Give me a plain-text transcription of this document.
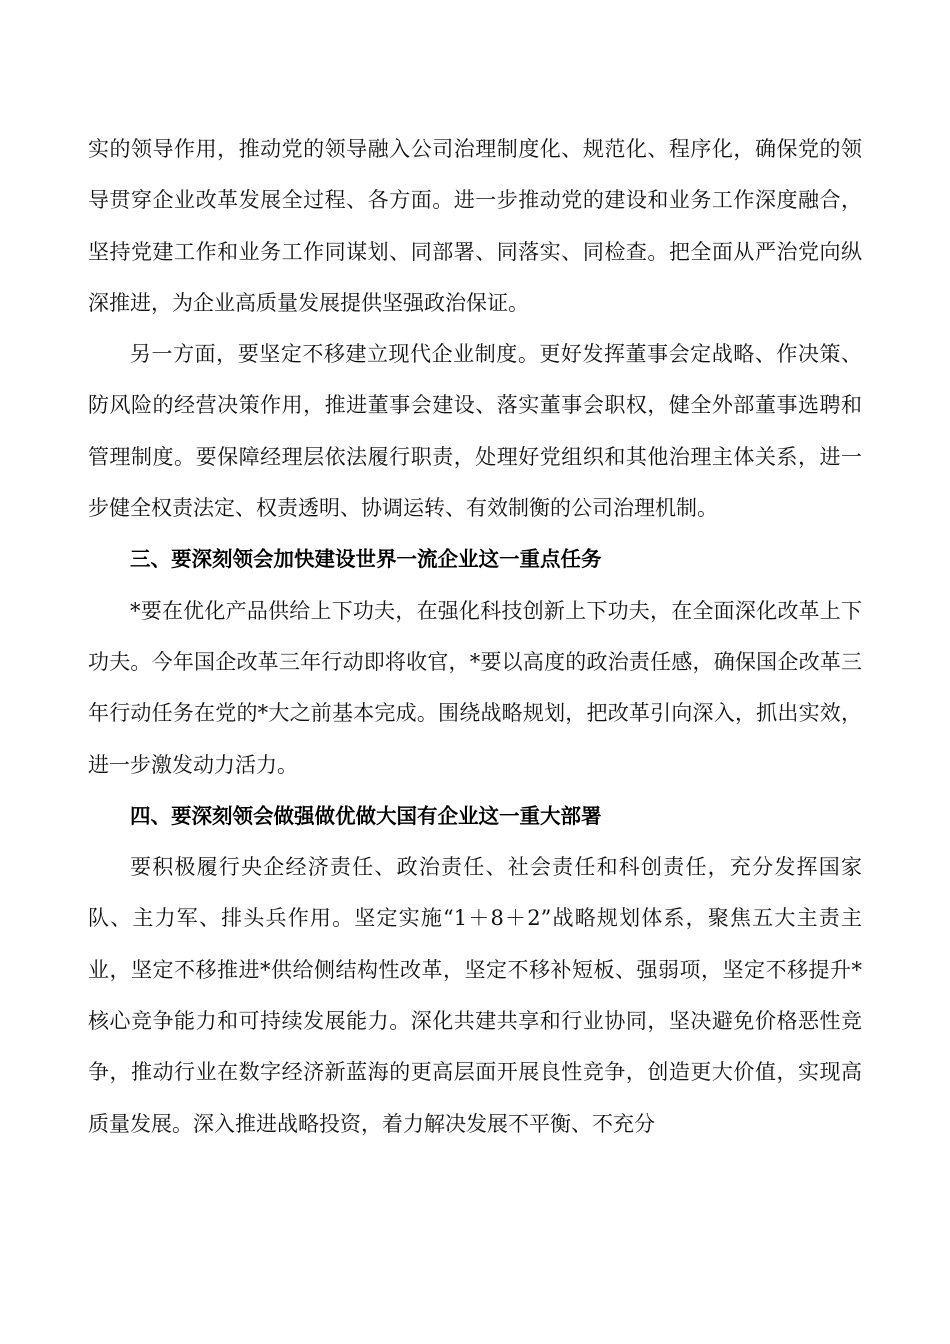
实的领导作用，推动党的领导融入公司治理制度化、规范化、程序化，确保党的领导贯穿企业改革发展全过程、各方面。进一步推动党的建设和业务工作深度融合，坚持党建工作和业务工作同谋划、同部署、同落实、同检查。把全面从严治党向纵深推进，为企业高质量发展提供坚强政治保证。

另一方面，要坚定不移建立现代企业制度。更好发挥董事会定战略、作决策、防风险的经营决策作用，推进董事会建设、落实董事会职权，健全外部董事选聘和管理制度。要保障经理层依法履行职责，处理好党组织和其他治理主体关系，进一步健全权责法定、权责透明、协调运转、有效制衡的公司治理机制。

三、要深刻领会加快建设世界一流企业这一重点任务

*要在优化产品供给上下功夫，在强化科技创新上下功夫，在全面深化改革上下功夫。今年国企改革三年行动即将收官，*要以高度的政治责任感，确保国企改革三年行动任务在党的*大之前基本完成。围绕战略规划，把改革引向深入，抓出实效，进一步激发动力活力。

四、要深刻领会做强做优做大国有企业这一重大部署

要积极履行央企经济责任、政治责任、社会责任和科创责任，充分发挥国家队、主力军、排头兵作用。坚定实施“1＋8＋2”战略规划体系，聚焦五大主责主业，坚定不移推进*供给侧结构性改革，坚定不移补短板、强弱项，坚定不移提升*核心竞争能力和可持续发展能力。深化共建共享和行业协同，坚决避免价格恶性竞争，推动行业在数字经济新蓝海的更高层面开展良性竞争，创造更大价值，实现高质量发展。深入推进战略投资，着力解决发展不平衡、不充分
